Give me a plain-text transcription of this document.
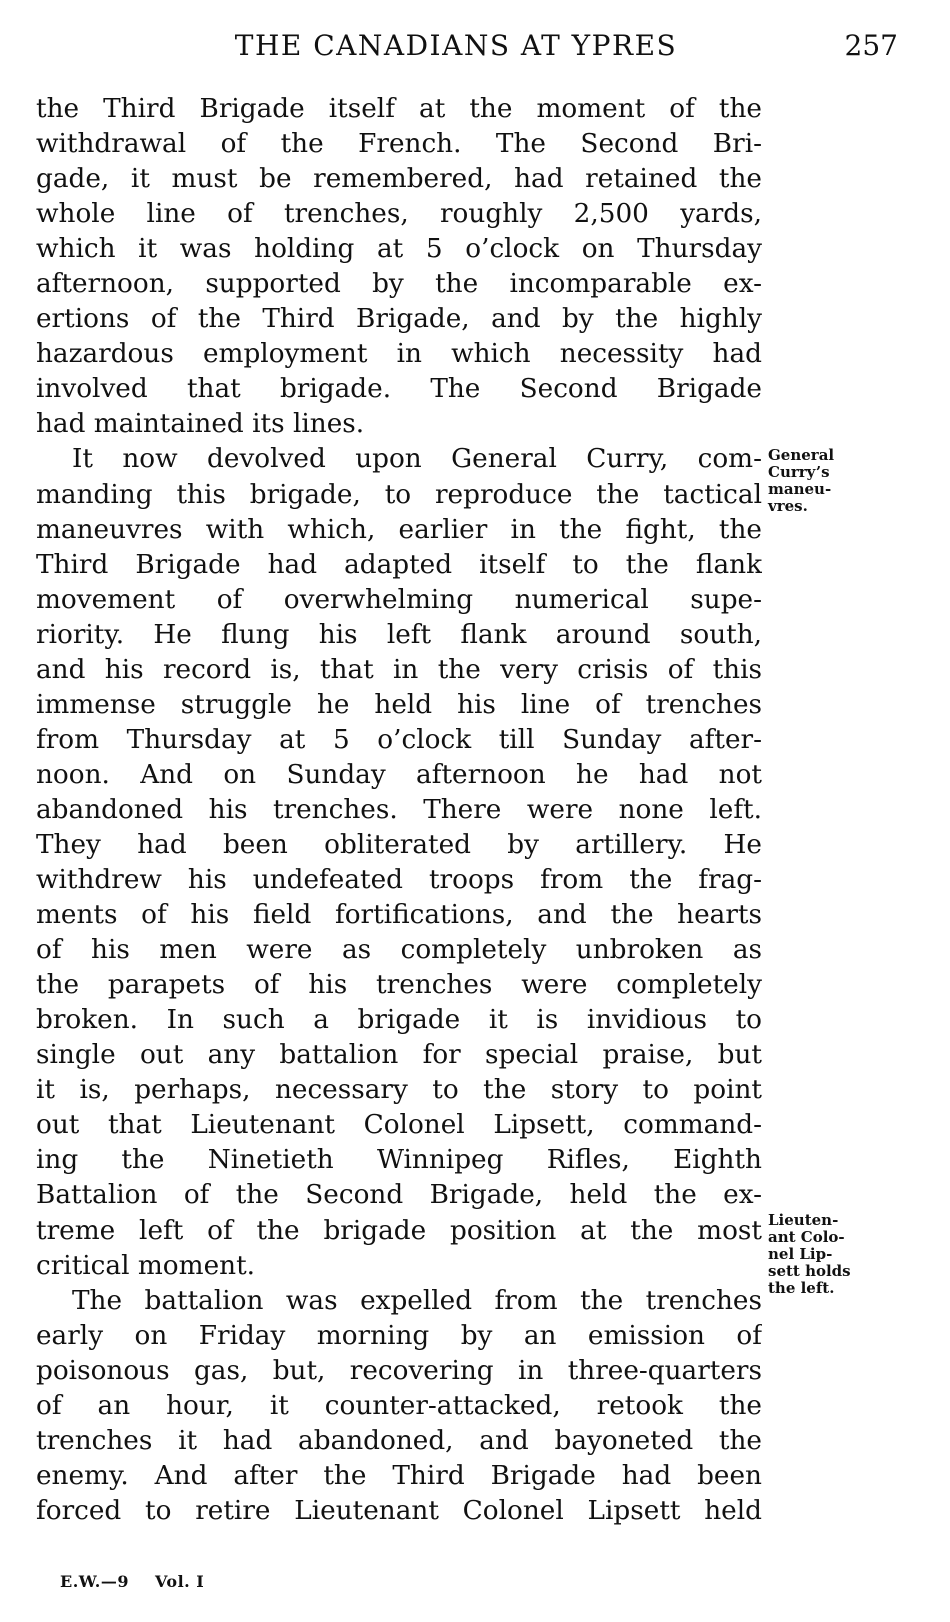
THE CANADIANS AT YPRES	257
the Third Brigade itself at the moment of the
withdrawal of the French. The Second Bri-
gade, it must be remembered, had retained the
whole line of trenches, roughly 2,500 yards,
which it was holding at 5 o’clock on Thursday
afternoon, supported by the incomparable ex-
ertions of the Third Brigade, and by the highly
hazardous employment in which necessity had
involved that brigade. The Second Brigade
had maintained its lines.
It now devolved upon General Curry, com-
manding this brigade, to reproduce the tactical
maneuvres with which, earlier in the fight, the
Third Brigade had adapted itself to the flank
movement of overwhelming numerical supe-
riority. He flung his left flank around south,
and his record is, that in the very crisis of this
immense struggle he held his line of trenches
from Thursday at 5 o’clock till Sunday after-
noon. And on Sunday afternoon he had not
abandoned his trenches. There were none left.
They had been obliterated by artillery. He
withdrew his undefeated troops from the frag-
ments of his field fortifications, and the hearts
of his men were as completely unbroken as
the parapets of his trenches were completely
broken. In such a brigade it is invidious to
single out any battalion for special praise, but
it is, perhaps, necessary to the story to point
out that Lieutenant Colonel Lipsett, command-
ing the Ninetieth Winnipeg Rifles, Eighth
Battalion of the Second Brigade, held the ex-
treme left of the brigade position at the most
critical moment.
The battalion was expelled from the trenches
early on Friday morning by an emission of
poisonous gas, but, recovering in three-quarters
of an hour, it counter-attacked, retook the
trenches it had abandoned, and bayoneted the
enemy. And after the Third Brigade had been
forced to retire Lieutenant Colonel Lipsett held
General
Curry’s
maneu-
vres.
Lieuten-
ant Colo-
nel Lip-
sett holds
the left.
E.W.—9 Vol. I
